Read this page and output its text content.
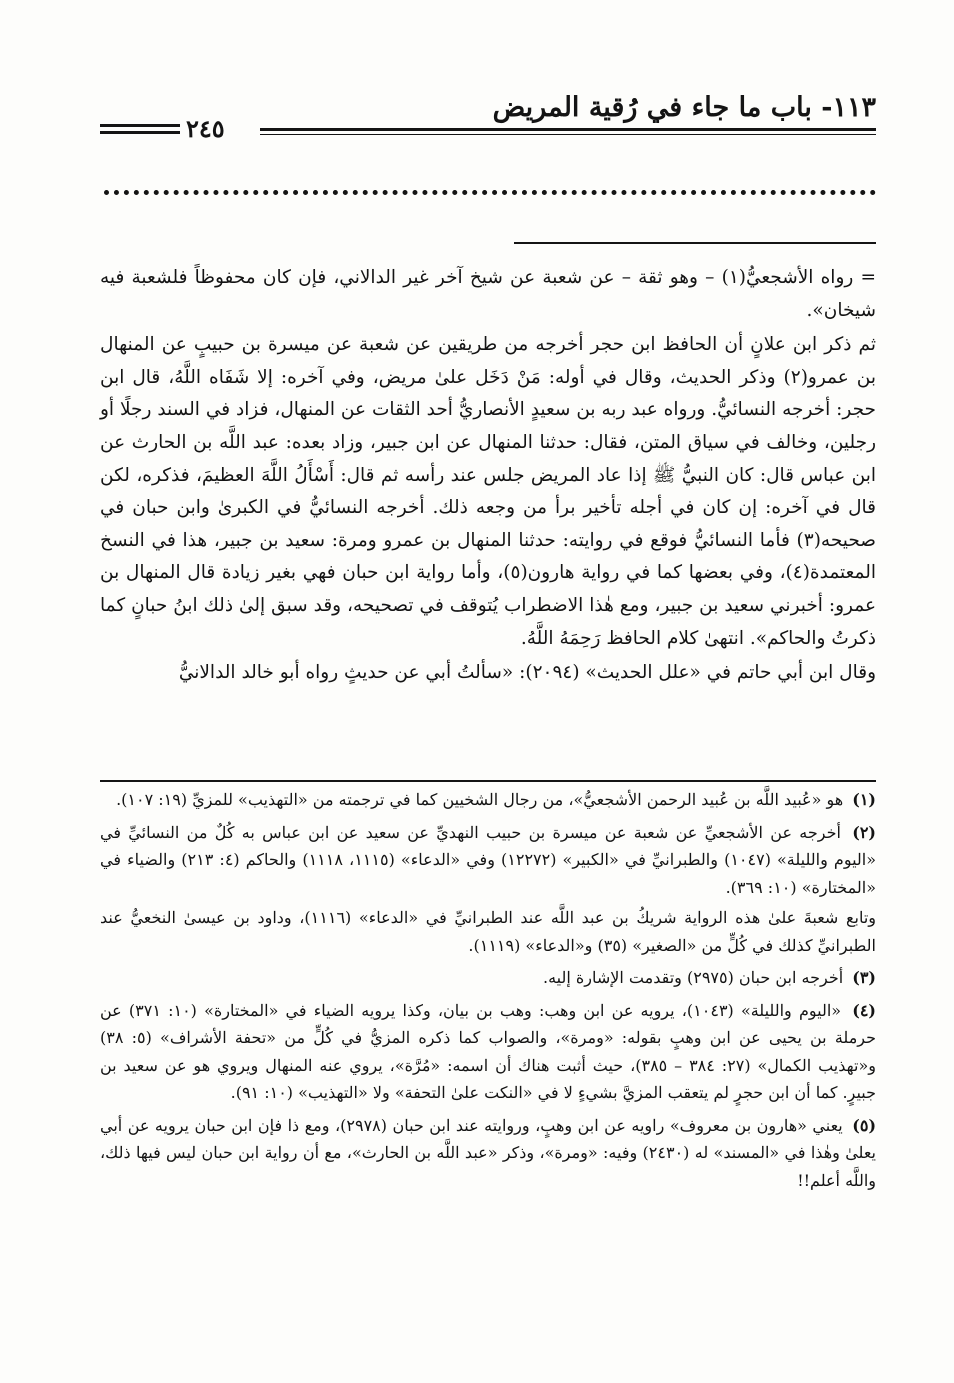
١١٣- باب ما جاء في رُقية المريض
٢٤٥

= رواه الأشجعيُّ(١) – وهو ثقة – عن شعبة عن شيخ آخر غير الدالاني، فإن كان محفوظاً فلشعبة فيه شيخان».

ثم ذكر ابن علانٍ أن الحافظ ابن حجر أخرجه من طريقين عن شعبة عن ميسرة بن حبيبٍ عن المنهال بن عمرو(٢) وذكر الحديث، وقال في أوله: مَنْ دَخَل علىٰ مريض، وفي آخره: إلا شَفَاه اللَّهُ، قال ابن حجر: أخرجه النسائيُّ. ورواه عبد ربه بن سعيدٍ الأنصاريُّ أحد الثقات عن المنهال، فزاد في السند رجلًا أو رجلين، وخالف في سياق المتن، فقال: حدثنا المنهال عن ابن جبير، وزاد بعده: عبد اللَّه بن الحارث عن ابن عباس قال: كان النبيُّ ﷺ إذا عاد المريض جلس عند رأسه ثم قال: أَسْأَلُ اللَّهَ العظيمَ، فذكره، لكن قال في آخره: إن كان في أجله تأخير برأ من وجعه ذلك. أخرجه النسائيُّ في الكبرىٰ وابن حبان في صحيحه(٣) فأما النسائيُّ فوقع في روايته: حدثنا المنهال بن عمرو ومرة: سعيد بن جبير، هذا في النسخ المعتمدة(٤)، وفي بعضها كما في رواية هارون(٥)، وأما رواية ابن حبان فهي بغير زيادة قال المنهال بن عمرو: أخبرني سعيد بن جبير، ومع هٰذا الاضطراب يُتوقف في تصحيحه، وقد سبق إلىٰ ذلك ابنُ حبانٍ كما ذكرتُ والحاكم». انتهىٰ كلام الحافظ رَحِمَهُ اللَّهُ.

وقال ابن أبي حاتم في «علل الحديث» (٢٠٩٤): «سألتُ أبي عن حديثٍ رواه أبو خالد الدالانيُّ

(١) هو «عُبيد اللَّه بن عُبيد الرحمن الأشجعيُّ»، من رجال الشخيين كما في ترجمته من «التهذيب» للمزيِّ (١٩: ١٠٧).

(٢) أخرجه عن الأشجعيِّ عن شعبة عن ميسرة بن حبيب النهديِّ عن سعيد عن ابن عباس به كُلٌ من النسائيِّ في «اليوم والليلة» (١٠٤٧) والطبرانيِّ في «الكبير» (١٢٢٧٢) وفي «الدعاء» (١١١٥، ١١١٨) والحاكم (٤: ٢١٣) والضياء في «المختارة» (١٠: ٣٦٩).

وتابع شعبةَ علىٰ هذه الرواية شريكُ بن عبد اللَّه عند الطبرانيِّ في «الدعاء» (١١١٦)، وداود بن عيسىٰ النخعيُّ عند الطبرانيِّ كذلك في كُلٍّ من «الصغير» (٣٥) و«الدعاء» (١١١٩).

(٣) أخرجه ابن حبان (٢٩٧٥) وتقدمت الإشارة إليه.

(٤) «اليوم والليلة» (١٠٤٣)، يرويه عن ابن وهب: وهب بن بيان، وكذا يرويه الضياء في «المختارة» (١٠: ٣٧١) عن حرملة بن يحيى عن ابن وهبٍ بقوله: «ومرة»، والصواب كما ذكره المزيُّ في كُلٍّ من «تحفة الأشراف» (٥: ٣٨) و«تهذيب الكمال» (٢٧: ٣٨٤ – ٣٨٥)، حيث أثبت هناك أن اسمه: «مُرَّة»، يروي عنه المنهال ويروي هو عن سعيد بن جبيرٍ. كما أن ابن حجرٍ لم يتعقب المزيَّ بشيءٍ لا في «النكت علىٰ التحفة» ولا «التهذيب» (١٠: ٩١).

(٥) يعني «هارون بن معروف» راويه عن ابن وهبٍ، وروايته عند ابن حبان (٢٩٧٨)، ومع ذا فإن ابن حبان يرويه عن أبي يعلىٰ وهٰذا في «المسند» له (٢٤٣٠) وفيه: «ومرة»، وذكر «عبد اللَّه بن الحارث»، مع أن رواية ابن حبان ليس فيها ذلك، واللَّه أعلم!!
